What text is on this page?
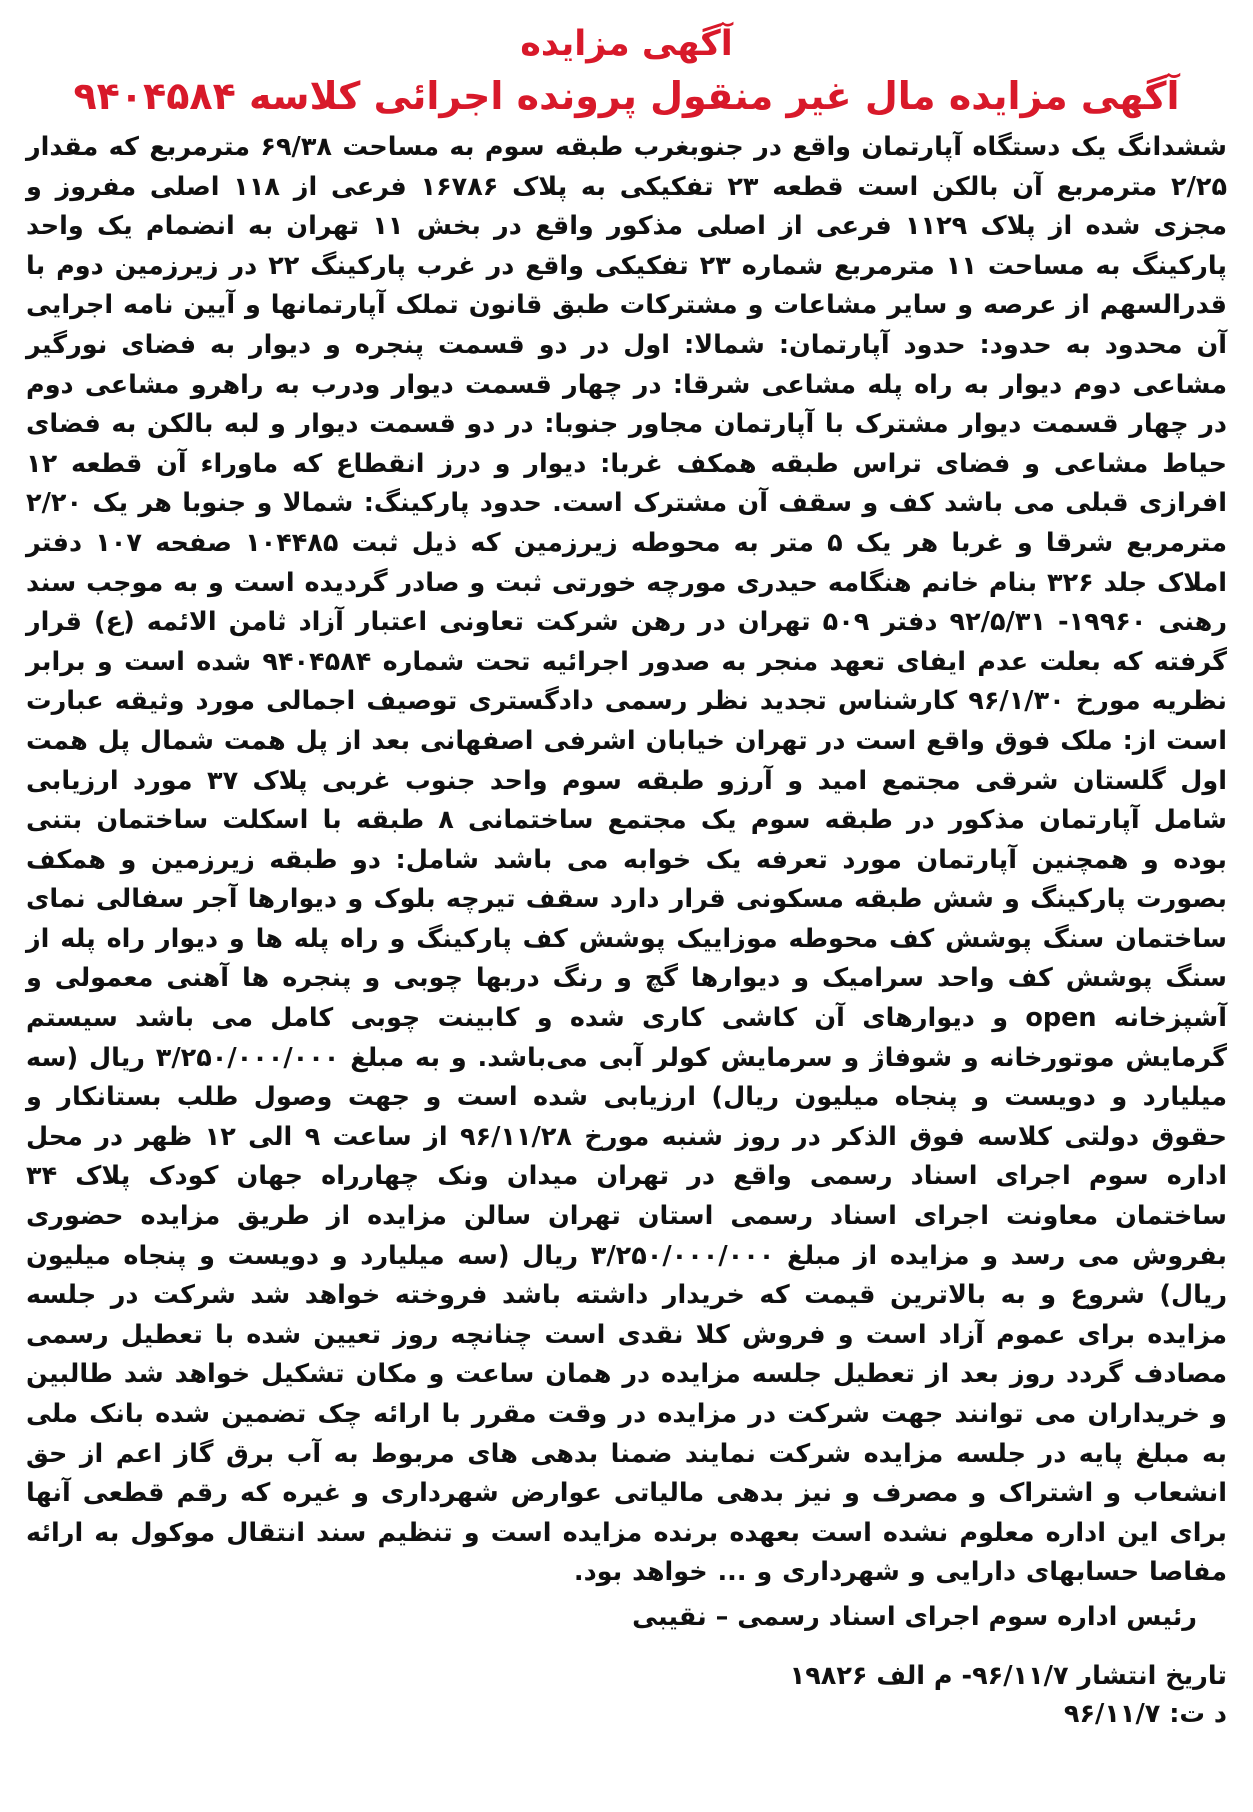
آگهی مزایده
آگهی مزایده مال غیر منقول پرونده اجرائی کلاسه ۹۴۰۴۵۸۴

ششدانگ یک دستگاه آپارتمان واقع در جنوبغرب طبقه سوم به مساحت ۶۹/۳۸ مترمربع که مقدار ۲/۲۵ مترمربع آن بالکن است قطعه ۲۳ تفکیکی به پلاک ۱۶۷۸۶ فرعی از ۱۱۸ اصلی مفروز و مجزی شده از پلاک ۱۱۲۹ فرعی از اصلی مذکور واقع در بخش ۱۱ تهران به انضمام یک واحد پارکینگ به مساحت ۱۱ مترمربع شماره ۲۳ تفکیکی واقع در غرب پارکینگ ۲۲ در زیرزمین دوم با قدرالسهم از عرصه و سایر مشاعات و مشترکات طبق قانون تملک آپارتمانها و آیین نامه اجرایی آن محدود به حدود: حدود آپارتمان: شمالا: اول در دو قسمت پنجره و دیوار به فضای نورگیر مشاعی دوم دیوار به راه پله مشاعی شرقا: در چهار قسمت دیوار ودرب به راهرو مشاعی دوم در چهار قسمت دیوار مشترک با آپارتمان مجاور جنوبا: در دو قسمت دیوار و لبه بالکن به فضای حیاط مشاعی و فضای تراس طبقه همکف غربا: دیوار و درز انقطاع که ماوراء آن قطعه ۱۲ افرازی قبلی می باشد کف و سقف آن مشترک است. حدود پارکینگ: شمالا و جنوبا هر یک ۲/۲۰ مترمربع شرقا و غربا هر یک ۵ متر به محوطه زیرزمین که ذیل ثبت ۱۰۴۴۸۵ صفحه ۱۰۷ دفتر املاک جلد ۳۲۶ بنام خانم هنگامه حیدری مورچه خورتی ثبت و صادر گردیده است و به موجب سند رهنی ۱۹۹۶۰- ۹۲/۵/۳۱ دفتر ۵۰۹ تهران در رهن شرکت تعاونی اعتبار آزاد ثامن الائمه (ع) قرار گرفته که بعلت عدم ایفای تعهد منجر به صدور اجرائیه تحت شماره ۹۴۰۴۵۸۴ شده است و برابر نظریه مورخ ۹۶/۱/۳۰ کارشناس تجدید نظر رسمی دادگستری توصیف اجمالی مورد وثیقه عبارت است از: ملک فوق واقع است در تهران خیابان اشرفی اصفهانی بعد از پل همت شمال پل همت اول گلستان شرقی مجتمع امید و آرزو طبقه سوم واحد جنوب غربی پلاک ۳۷ مورد ارزیابی شامل آپارتمان مذکور در طبقه سوم یک مجتمع ساختمانی ۸ طبقه با اسکلت ساختمان بتنی بوده و همچنین آپارتمان مورد تعرفه یک خوابه می باشد شامل: دو طبقه زیرزمین و همکف بصورت پارکینگ و شش طبقه مسکونی قرار دارد سقف تیرچه بلوک و دیوارها آجر سفالی نمای ساختمان سنگ پوشش کف محوطه موزاییک پوشش کف پارکینگ و راه پله ها و دیوار راه پله از سنگ پوشش کف واحد سرامیک و دیوارها گچ و رنگ دربها چوبی و پنجره ها آهنی معمولی و آشپزخانه open و دیوارهای آن کاشی کاری شده و کابینت چوبی کامل می باشد سیستم گرمایش موتورخانه و شوفاژ و سرمایش کولر آبی می‌باشد. و به مبلغ ۳/۲۵۰/۰۰۰/۰۰۰ ریال (سه میلیارد و دویست و پنجاه میلیون ریال) ارزیابی شده است و جهت وصول طلب بستانکار و حقوق دولتی کلاسه فوق الذکر در روز شنبه مورخ ۹۶/۱۱/۲۸ از ساعت ۹ الی ۱۲ ظهر در محل اداره سوم اجرای اسناد رسمی واقع در تهران میدان ونک چهارراه جهان کودک پلاک ۳۴ ساختمان معاونت اجرای اسناد رسمی استان تهران سالن مزایده از طریق مزایده حضوری بفروش می رسد و مزایده از مبلغ ۳/۲۵۰/۰۰۰/۰۰۰ ریال (سه میلیارد و دویست و پنجاه میلیون ریال) شروع و به بالاترین قیمت که خریدار داشته باشد فروخته خواهد شد شرکت در جلسه مزایده برای عموم آزاد است و فروش کلا نقدی است چنانچه روز تعیین شده با تعطیل رسمی مصادف گردد روز بعد از تعطیل جلسه مزایده در همان ساعت و مکان تشکیل خواهد شد طالبین و خریداران می توانند جهت شرکت در مزایده در وقت مقرر با ارائه چک تضمین شده بانک ملی به مبلغ پایه در جلسه مزایده شرکت نمایند ضمنا بدهی های مربوط به آب برق گاز اعم از حق انشعاب و اشتراک و مصرف و نیز بدهی مالیاتی عوارض شهرداری و غیره که رقم قطعی آنها برای این اداره معلوم نشده است بعهده برنده مزایده است و تنظیم سند انتقال موکول به ارائه مفاصا حسابهای دارایی و شهرداری و ... خواهد بود.

رئیس اداره سوم اجرای اسناد رسمی – نقیبی
تاریخ انتشار ۹۶/۱۱/۷- م الف ۱۹۸۲۶
د ت: ۹۶/۱۱/۷
